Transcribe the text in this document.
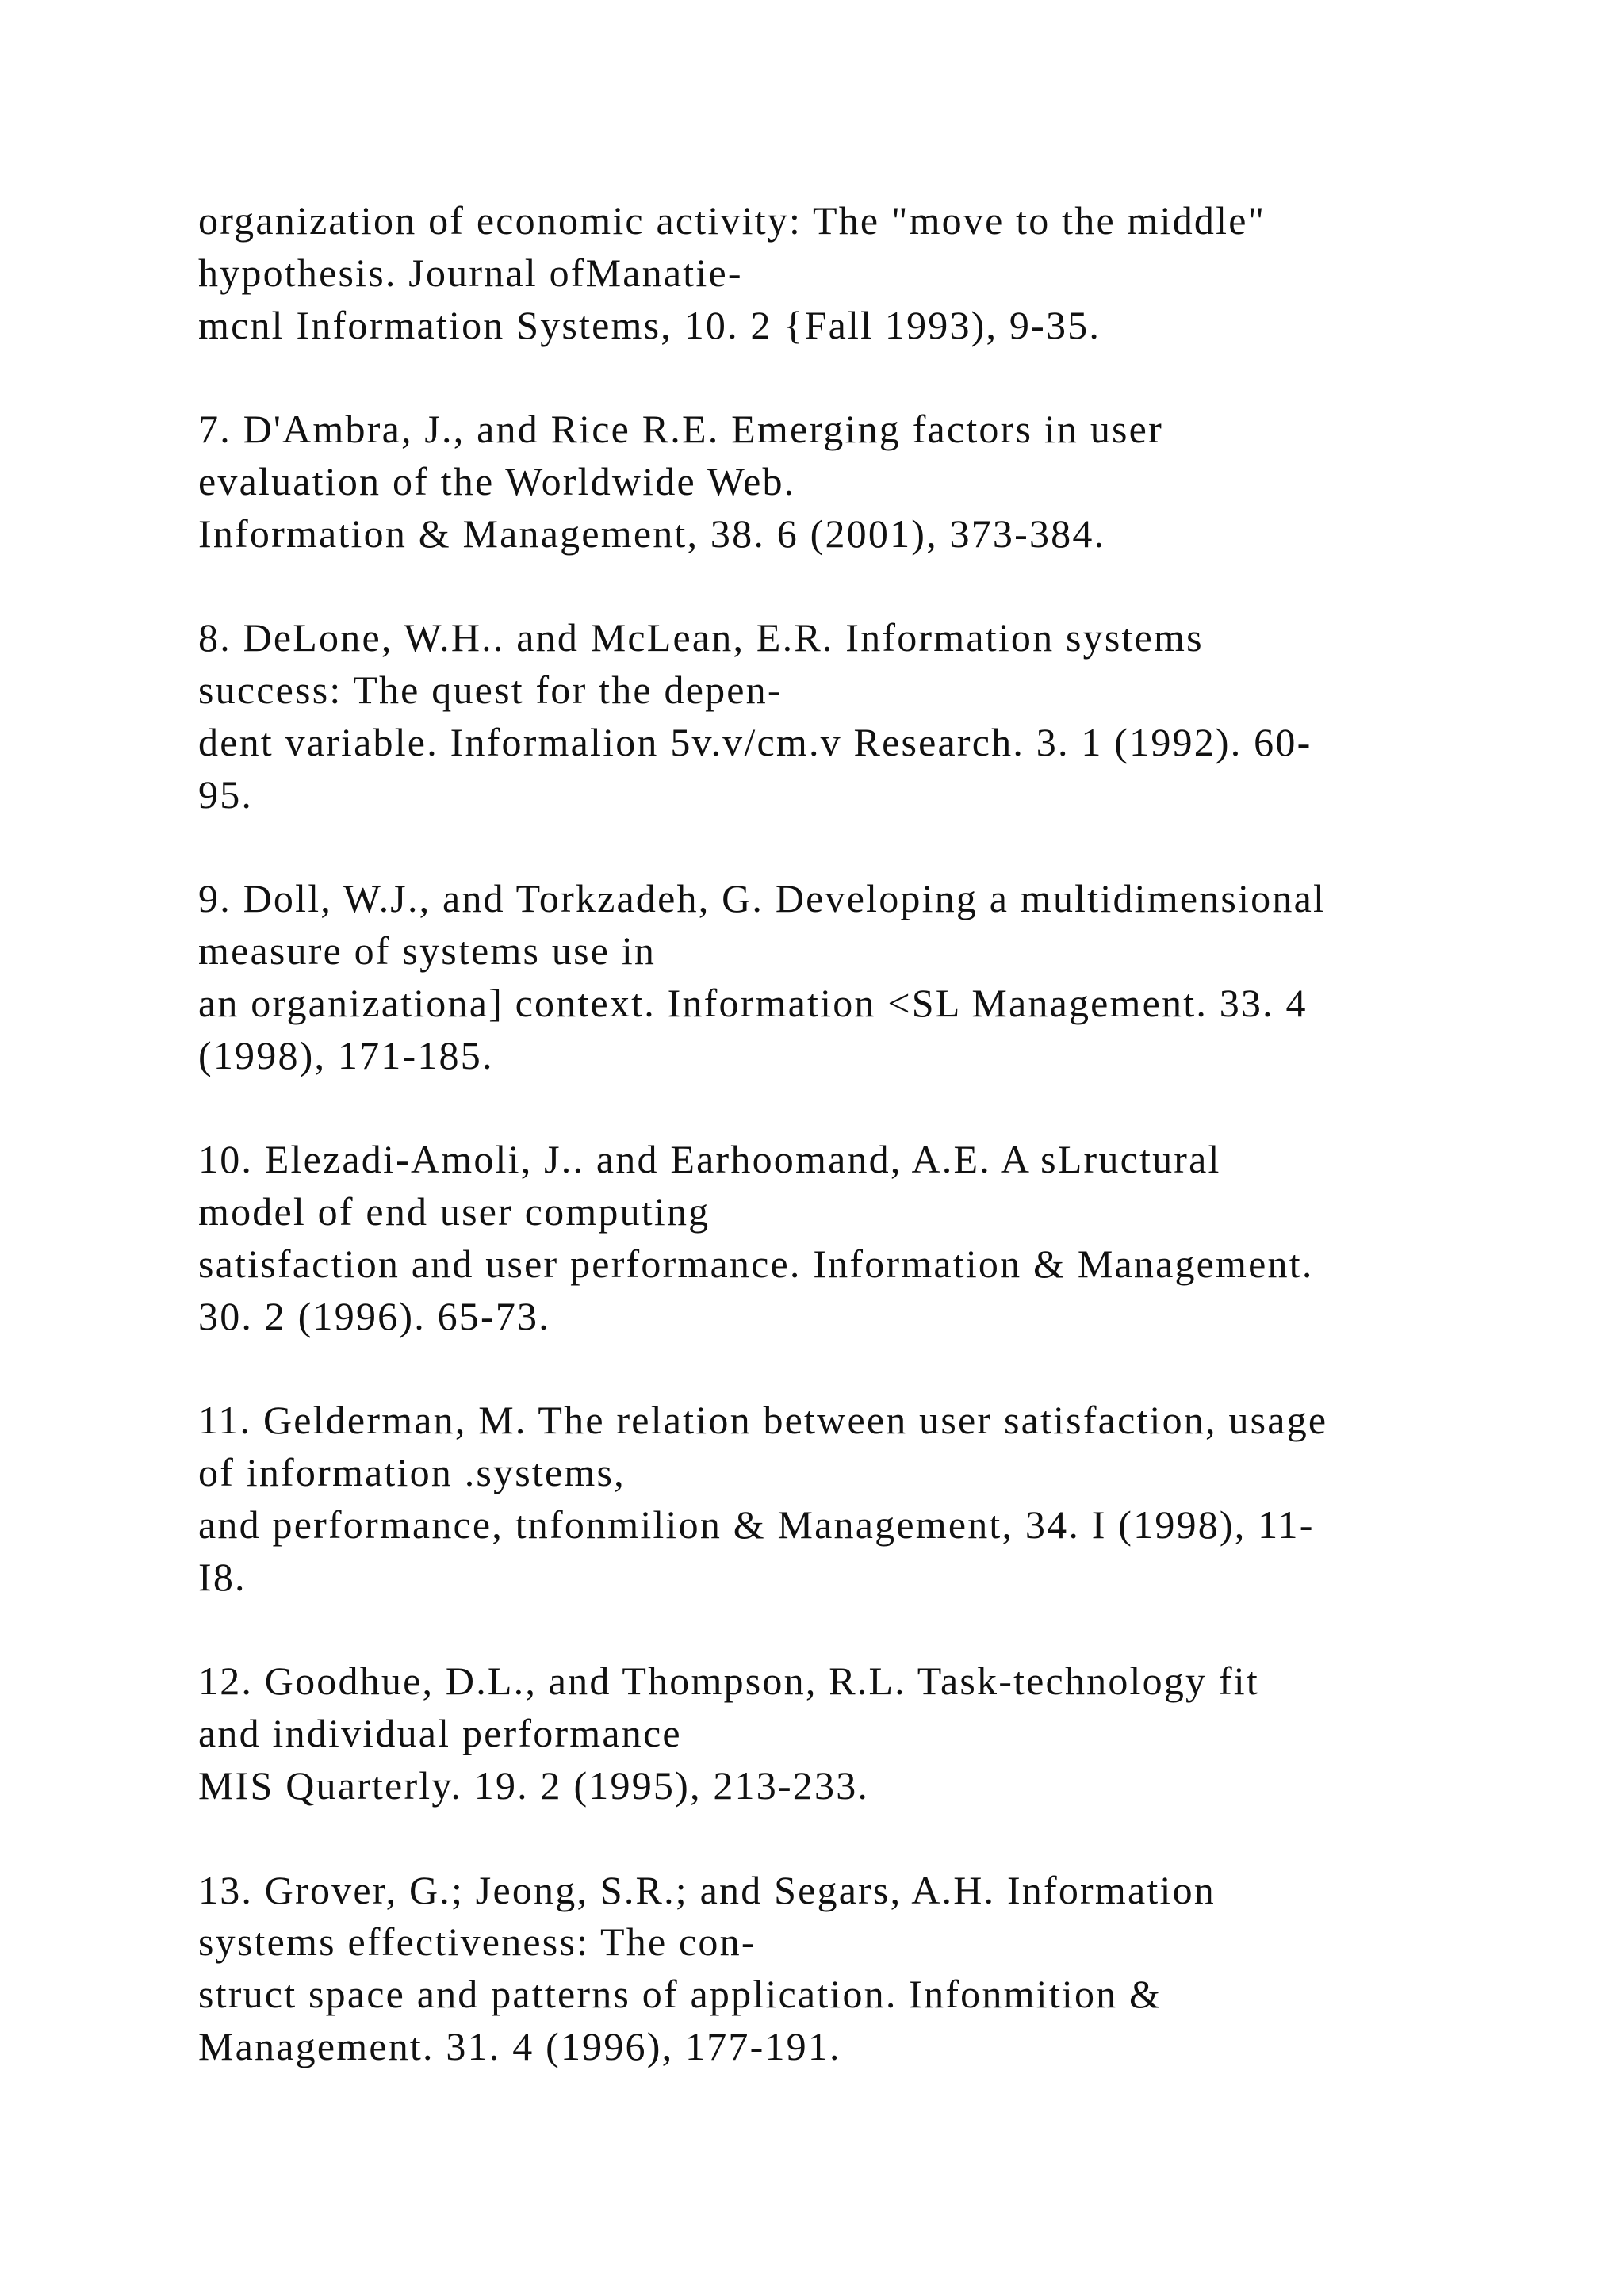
organization of economic activity: The "move to the middle"
hypothesis. Journal ofManatie-
mcnl Information Systems, 10. 2 {Fall 1993), 9-35.
7. D'Ambra, J., and Rice R.E. Emerging factors in user
evaluation of the Worldwide Web.
Information & Management, 38. 6 (2001), 373-384.
8. DeLone, W.H.. and McLean, E.R. Information systems
success: The quest for the depen-
dent variable. Informalion 5v.v/cm.v Research. 3. 1 (1992). 60-
95.
9. Doll, W.J., and Torkzadeh, G. Developing a multidimensional
measure of systems use in
an organizationa] context. Information <SL Management. 33. 4
(1998), 171-185.
10. Elezadi-Amoli, J.. and Earhoomand, A.E. A sLructural
model of end user computing
satisfaction and user performance. Information & Management.
30. 2 (1996). 65-73.
11. Gelderman, M. The relation between user satisfaction, usage
of information .systems,
and performance, tnfonmilion & Management, 34. I (1998), 11-
I8.
12. Goodhue, D.L., and Thompson, R.L. Task-technology fit
and individual performance
MIS Quarterly. 19. 2 (1995), 213-233.
13. Grover, G.; Jeong, S.R.; and Segars, A.H. Information
systems effectiveness: The con-
struct space and patterns of application. Infonmition &
Management. 31. 4 (1996), 177-191.
